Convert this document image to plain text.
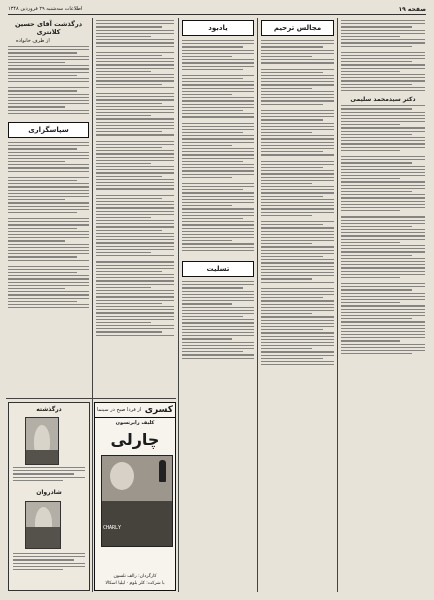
اطلاعات سه‌شنبه ۲۹ فروردین ۱۳۴۸	صفحه ۱۹
دکتر سیدمحمد سلیمی
مجالس ترحیم
یادبود
تسلیت
درگذشت آقای حسین کلانتری
از طرف خانواده
سپاسگزاری
درگذشته
شادروان
کسری
از فردا صبح در سینما
کلیف رابرتسون
چارلی
CHARLY
کارگردان: رالف نلسون
با شرکت: کلر بلوم · لیلیا اسکالا
